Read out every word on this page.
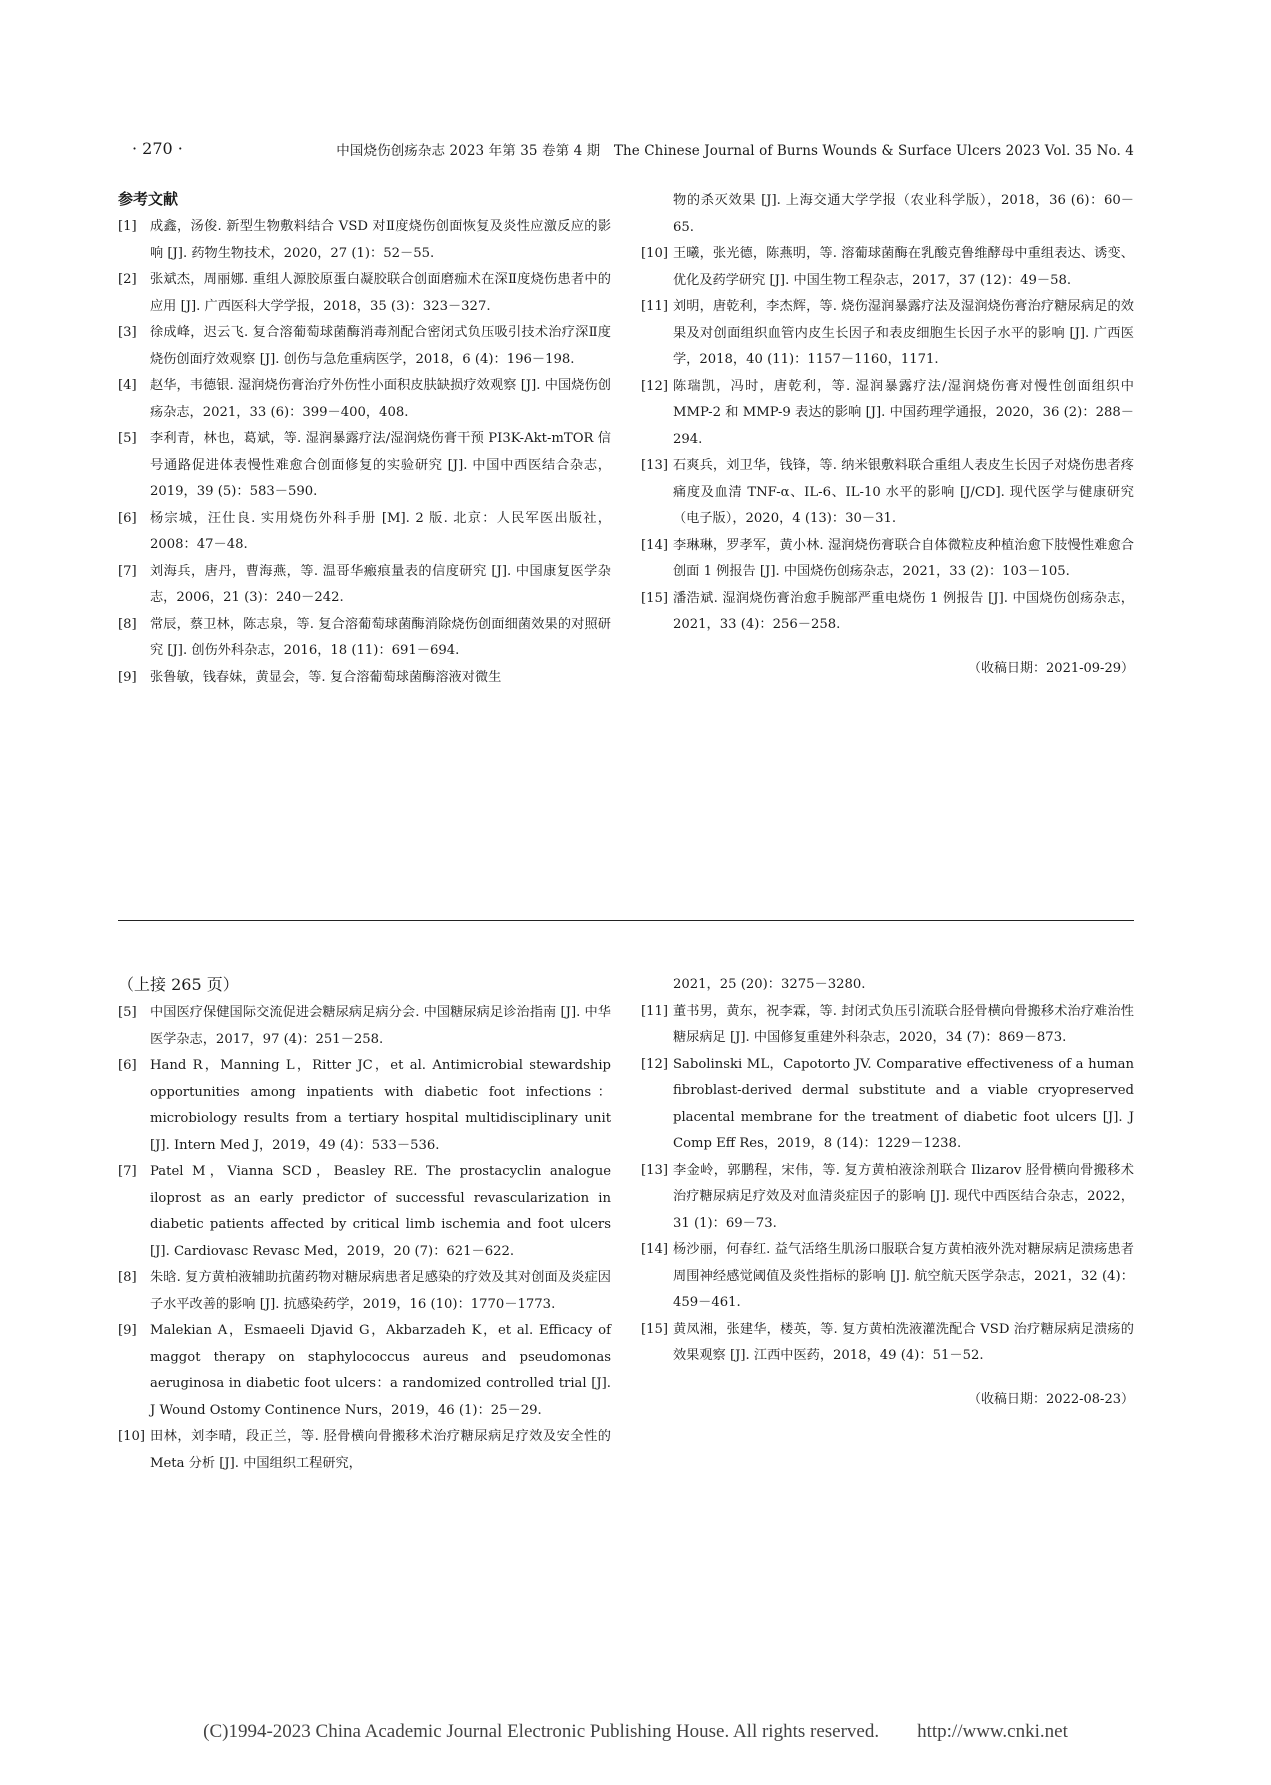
· 270 ·	中国烧伤创疡杂志 2023 年第 35 卷第 4 期　The Chinese Journal of Burns Wounds & Surface Ulcers 2023 Vol. 35 No. 4
参考文献
[1] 成鑫，汤俊. 新型生物敷料结合 VSD 对Ⅱ度烧伤创面恢复及炎性应激反应的影响 [J]. 药物生物技术，2020，27 (1)：52－55.
[2] 张斌杰，周丽娜. 重组人源胶原蛋白凝胶联合创面磨痂术在深Ⅱ度烧伤患者中的应用 [J]. 广西医科大学学报，2018，35 (3)：323－327.
[3] 徐成峰，迟云飞. 复合溶葡萄球菌酶消毒剂配合密闭式负压吸引技术治疗深Ⅱ度烧伤创面疗效观察 [J]. 创伤与急危重病医学，2018，6 (4)：196－198.
[4] 赵华，韦德银. 湿润烧伤膏治疗外伤性小面积皮肤缺损疗效观察 [J]. 中国烧伤创疡杂志，2021，33 (6)：399－400，408.
[5] 李利青，林也，葛斌，等. 湿润暴露疗法/湿润烧伤膏干预 PI3K-Akt-mTOR 信号通路促进体表慢性难愈合创面修复的实验研究 [J]. 中国中西医结合杂志，2019，39 (5)：583－590.
[6] 杨宗城，汪仕良. 实用烧伤外科手册 [M]. 2 版. 北京：人民军医出版社，2008：47－48.
[7] 刘海兵，唐丹，曹海燕，等. 温哥华瘢痕量表的信度研究 [J]. 中国康复医学杂志，2006，21 (3)：240－242.
[8] 常辰，蔡卫林，陈志泉，等. 复合溶葡萄球菌酶消除烧伤创面细菌效果的对照研究 [J]. 创伤外科杂志，2016，18 (11)：691－694.
[9] 张鲁敏，钱春妹，黄显会，等. 复合溶葡萄球菌酶溶液对微生
物的杀灭效果 [J]. 上海交通大学学报（农业科学版），2018，36 (6)：60－65.
[10] 王曦，张光德，陈燕明，等. 溶葡球菌酶在乳酸克鲁维酵母中重组表达、诱变、优化及药学研究 [J]. 中国生物工程杂志，2017，37 (12)：49－58.
[11] 刘明，唐乾利，李杰辉，等. 烧伤湿润暴露疗法及湿润烧伤膏治疗糖尿病足的效果及对创面组织血管内皮生长因子和表皮细胞生长因子水平的影响 [J]. 广西医学，2018，40 (11)：1157－1160，1171.
[12] 陈瑞凯，冯时，唐乾利，等. 湿润暴露疗法/湿润烧伤膏对慢性创面组织中 MMP-2 和 MMP-9 表达的影响 [J]. 中国药理学通报，2020，36 (2)：288－294.
[13] 石爽兵，刘卫华，钱锋，等. 纳米银敷料联合重组人表皮生长因子对烧伤患者疼痛度及血清 TNF-α、IL-6、IL-10 水平的影响 [J/CD]. 现代医学与健康研究（电子版），2020，4 (13)：30－31.
[14] 李琳琳，罗孝军，黄小林. 湿润烧伤膏联合自体微粒皮种植治愈下肢慢性难愈合创面 1 例报告 [J]. 中国烧伤创疡杂志，2021，33 (2)：103－105.
[15] 潘浩斌. 湿润烧伤膏治愈手腕部严重电烧伤 1 例报告 [J]. 中国烧伤创疡杂志，2021，33 (4)：256－258.
（收稿日期：2021-09-29）
（上接 265 页）
[5] 中国医疗保健国际交流促进会糖尿病足病分会. 中国糖尿病足诊治指南 [J]. 中华医学杂志，2017，97 (4)：251－258.
[6] Hand R，Manning L，Ritter JC，et al. Antimicrobial stewardship opportunities among inpatients with diabetic foot infections：microbiology results from a tertiary hospital multidisciplinary unit [J]. Intern Med J，2019，49 (4)：533－536.
[7] Patel M，Vianna SCD，Beasley RE. The prostacyclin analogue iloprost as an early predictor of successful revascularization in diabetic patients affected by critical limb ischemia and foot ulcers [J]. Cardiovasc Revasc Med，2019，20 (7)：621－622.
[8] 朱晗. 复方黄柏液辅助抗菌药物对糖尿病患者足感染的疗效及其对创面及炎症因子水平改善的影响 [J]. 抗感染药学，2019，16 (10)：1770－1773.
[9] Malekian A，Esmaeeli Djavid G，Akbarzadeh K，et al. Efficacy of maggot therapy on staphylococcus aureus and pseudomonas aeruginosa in diabetic foot ulcers：a randomized controlled trial [J]. J Wound Ostomy Continence Nurs，2019，46 (1)：25－29.
[10] 田林，刘李晴，段正兰，等. 胫骨横向骨搬移术治疗糖尿病足疗效及安全性的 Meta 分析 [J]. 中国组织工程研究，
2021，25 (20)：3275－3280.
[11] 董书男，黄东，祝李霖，等. 封闭式负压引流联合胫骨横向骨搬移术治疗难治性糖尿病足 [J]. 中国修复重建外科杂志，2020，34 (7)：869－873.
[12] Sabolinski ML，Capotorto JV. Comparative effectiveness of a human fibroblast-derived dermal substitute and a viable cryopreserved placental membrane for the treatment of diabetic foot ulcers [J]. J Comp Eff Res，2019，8 (14)：1229－1238.
[13] 李金岭，郭鹏程，宋伟，等. 复方黄柏液涂剂联合 Ilizarov 胫骨横向骨搬移术治疗糖尿病足疗效及对血清炎症因子的影响 [J]. 现代中西医结合杂志，2022，31 (1)：69－73.
[14] 杨沙丽，何春红. 益气活络生肌汤口服联合复方黄柏液外洗对糖尿病足溃疡患者周围神经感觉阈值及炎性指标的影响 [J]. 航空航天医学杂志，2021，32 (4)：459－461.
[15] 黄凤湘，张建华，楼英，等. 复方黄柏洗液灌洗配合 VSD 治疗糖尿病足溃疡的效果观察 [J]. 江西中医药，2018，49 (4)：51－52.
（收稿日期：2022-08-23）
(C)1994-2023 China Academic Journal Electronic Publishing House. All rights reserved.　　http://www.cnki.net
